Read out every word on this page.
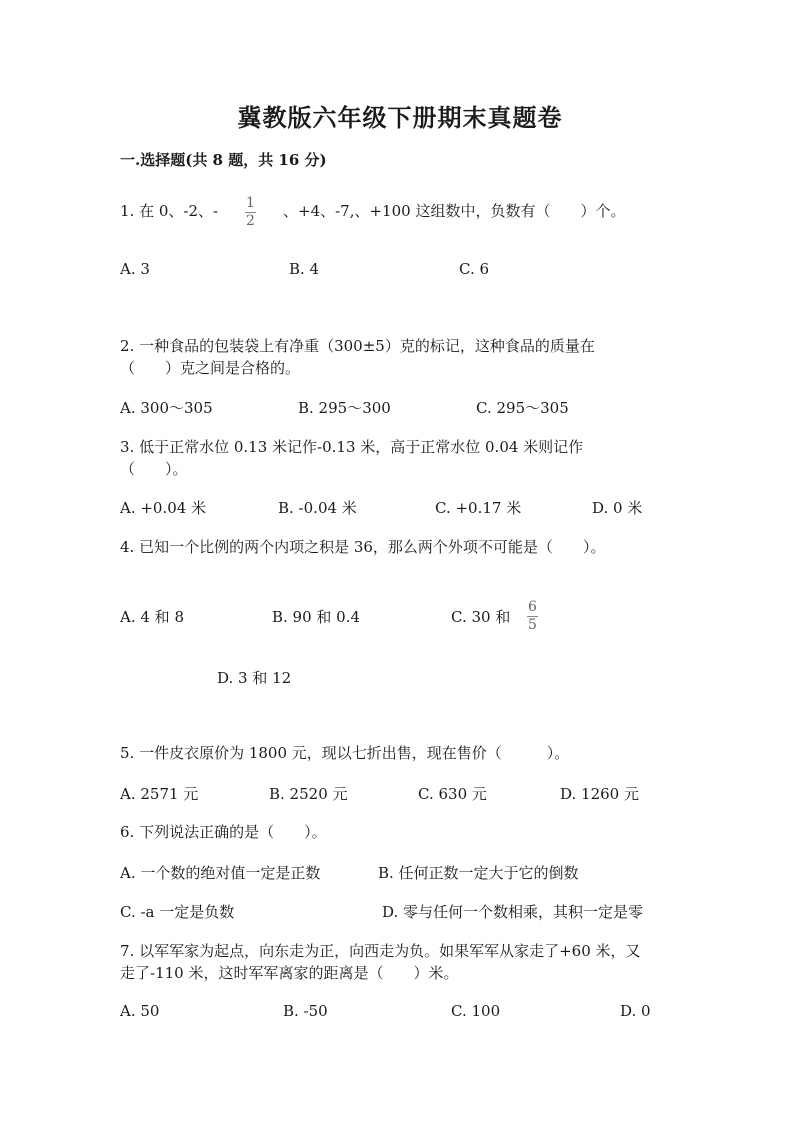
冀教版六年级下册期末真题卷
一.选择题(共 8 题，共 16 分)
1. 在 0、-2、- 1
2
、+4、-7,、+100 这组数中，负数有（　　）个。
A. 3	B. 4	C. 6
2. 一种食品的包装袋上有净重（300±5）克的标记，这种食品的质量在
（　　）克之间是合格的。
A. 300～305	B. 295～300	C. 295～305
3. 低于正常水位 0.13 米记作-0.13 米，高于正常水位 0.04 米则记作
（　　）。
A. +0.04 米	B. -0.04 米	C. +0.17 米	D. 0 米
4. 已知一个比例的两个内项之积是 36，那么两个外项不可能是（　　）。
A. 4 和 8	B. 90 和 0.4	C. 30 和
6
5
D. 3 和 12
5. 一件皮衣原价为 1800 元，现以七折出售，现在售价（　　　）。
A. 2571 元	B. 2520 元	C. 630 元	D. 1260 元
6. 下列说法正确的是（　　）。
A. 一个数的绝对值一定是正数	B. 任何正数一定大于它的倒数
C. -a 一定是负数	D. 零与任何一个数相乘，其积一定是零
7. 以军军家为起点，向东走为正，向西走为负。如果军军从家走了+60 米，又
走了-110 米，这时军军离家的距离是（　　）米。
A. 50	B. -50	C. 100	D. 0
